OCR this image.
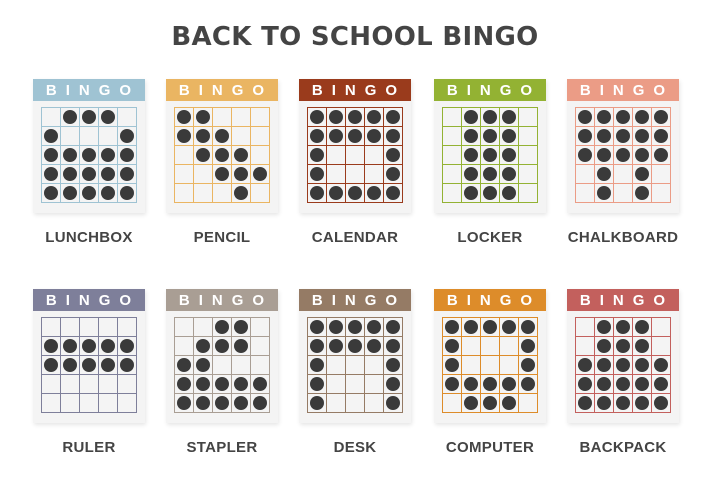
BACK TO SCHOOL BINGO
BINGO
LUNCHBOX
BINGO
PENCIL
BINGO
CALENDAR
BINGO
LOCKER
BINGO
CHALKBOARD
BINGO
RULER
BINGO
STAPLER
BINGO
DESK
BINGO
COMPUTER
BINGO
BACKPACK
